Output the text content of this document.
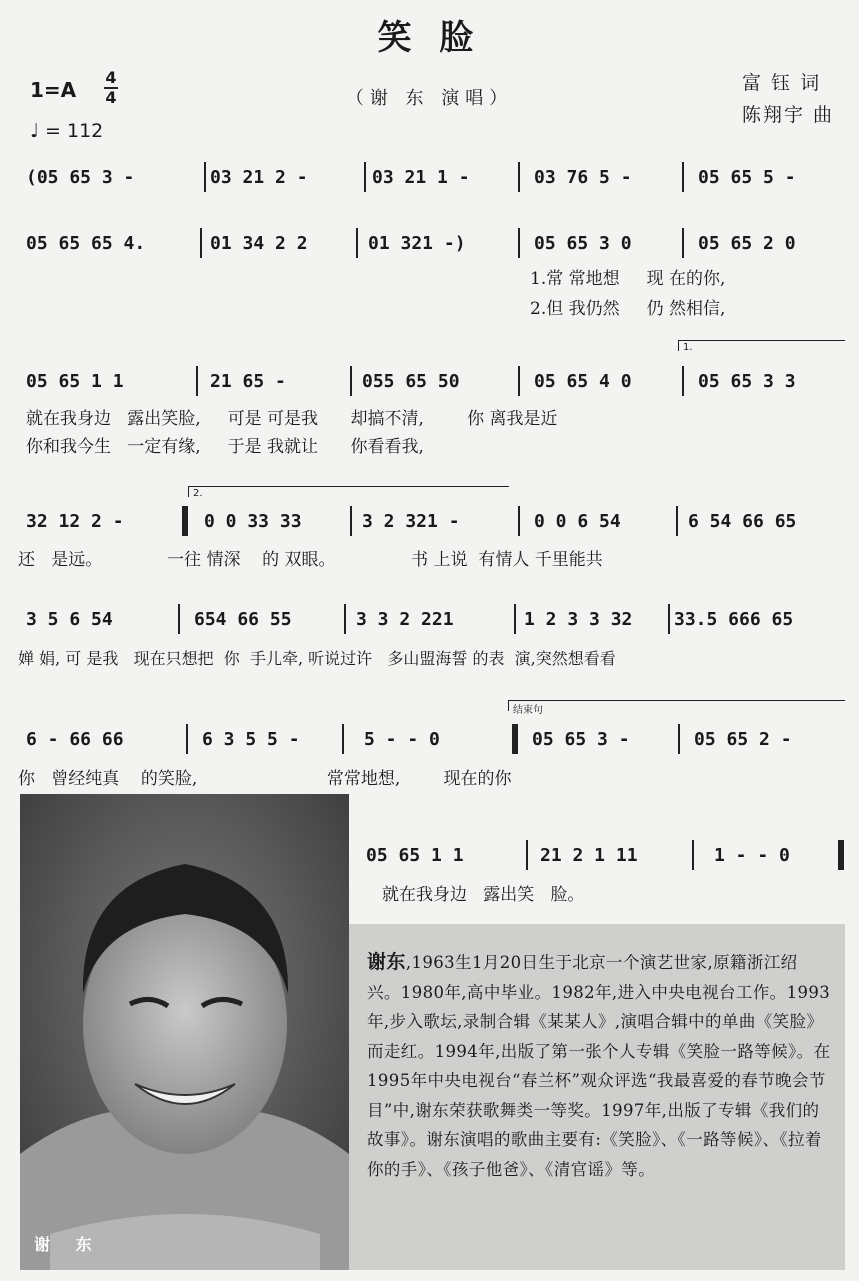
笑 脸
（谢 东 演唱）
富 钰 词
陈翔宇 曲
1=A
4
4
♩ = 112
(05 65 3 -	03 21 2 -	03 21 1 -	03 76 5 -	05 65 5 -
05 65 65 4.	01 34 2 2	01 321 -)	05 65 3 0	05 65 2 0
1.常 常地想     现 在的你,
2.但 我仍然     仍 然相信,
1.
05 65 1 1	21 65 -	055 65 50	05 65 4 0	05 65 3 3
就在我身边   露出笑脸,     可是 可是我      却搞不清,        你 离我是近
你和我今生   一定有缘,     于是 我就让      你看看我,
2.
32 12 2 -	0 0 33 33	3 2 321 -	0 0 6 54	6 54 66 65
还   是远。            一往 情深    的 双眼。              书 上说  有情人 千里能共
3 5 6 54	654 66 55	3 3 2 221	1 2 3 3 32	33.5 666 65
婵 娟, 可 是我   现在只想把  你  手儿牵, 听说过许   多山盟海誓 的表  演,突然想看看
结束句
6 - 66 66	6 3 5 5 -	5 - - 0	05 65 3 -	05 65 2 -
你   曾经纯真    的笑脸,                        常常地想,        现在的你
05 65 1 1	21 2 1 11	1 - - 0
就在我身边   露出笑   脸。
谢 东

谢东,1963生1月20日生于北京一个演艺世家,原籍浙江绍兴。1980年,高中毕业。1982年,进入中央电视台工作。1993年,步入歌坛,录制合辑《某某人》,演唱合辑中的单曲《笑脸》而走红。1994年,出版了第一张个人专辑《笑脸一路等候》。在1995年中央电视台“春兰杯”观众评选“我最喜爱的春节晚会节目”中,谢东荣获歌舞类一等奖。1997年,出版了专辑《我们的故事》。谢东演唱的歌曲主要有:《笑脸》、《一路等候》、《拉着你的手》、《孩子他爸》、《清官谣》等。
